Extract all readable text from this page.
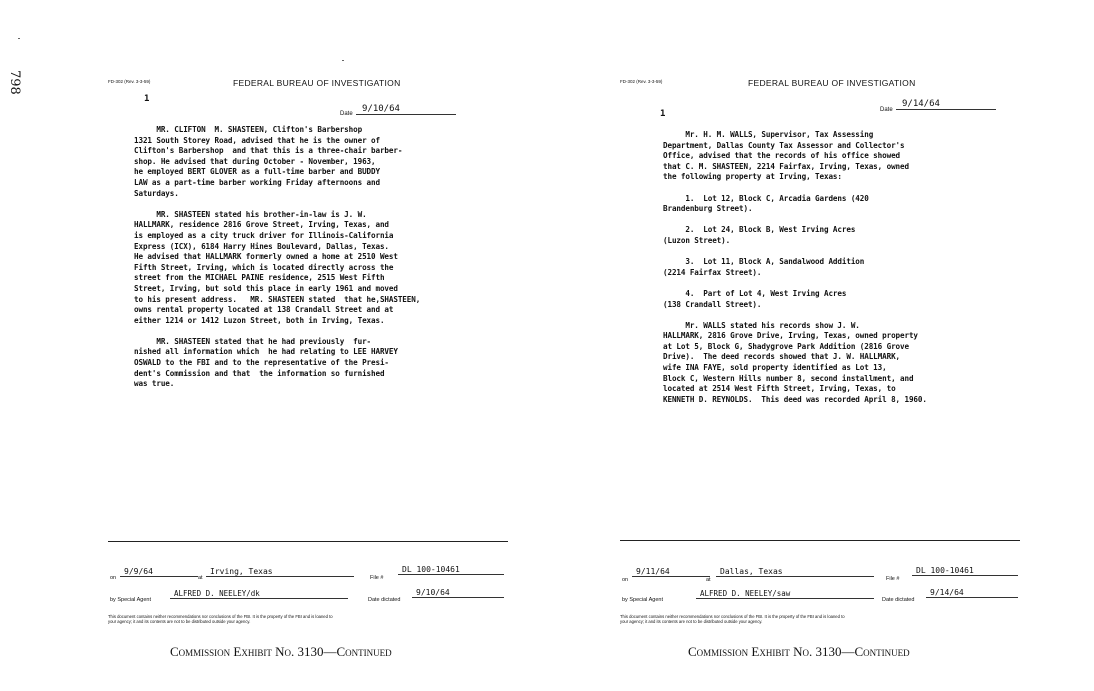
798	FD-302 (Rev. 3-3-59)	FEDERAL BUREAU OF INVESTIGATION
1
Date	9/10/64
MR. CLIFTON  M. SHASTEEN, Clifton's Barbershop
1321 South Storey Road, advised that he is the owner of
Clifton's Barbershop  and that this is a three-chair barber-
shop. He advised that during October - November, 1963,
he employed BERT GLOVER as a full-time barber and BUDDY
LAW as a part-time barber working Friday afternoons and
Saturdays.

MR. SHASTEEN stated his brother-in-law is J. W.
HALLMARK, residence 2816 Grove Street, Irving, Texas, and
is employed as a city truck driver for Illinois-California
Express (ICX), 6184 Harry Hines Boulevard, Dallas, Texas.
He advised that HALLMARK formerly owned a home at 2510 West
Fifth Street, Irving, which is located directly across the
street from the MICHAEL PAINE residence, 2515 West Fifth
Street, Irving, but sold this place in early 1961 and moved
to his present address.   MR. SHASTEEN stated  that he,SHASTEEN,
owns rental property located at 138 Crandall Street and at
either 1214 or 1412 Luzon Street, both in Irving, Texas.

MR. SHASTEEN stated that he had previously  fur-
nished all information which  he had relating to LEE HARVEY
OSWALD to the FBI and to the representative of the Presi-
dent's Commission and that  the information so furnished
was true.
on
9/9/64
at
Irving, Texas
File #
DL 100-10461
by Special Agent
ALFRED D. NEELEY/dk
Date dictated
9/10/64
This document contains neither recommendations nor conclusions of the FBI. It is the property of the FBI and is loaned to
your agency; it and its contents are not to be distributed outside your agency.
Commission Exhibit No. 3130—Continued
FD-302 (Rev. 3-3-59)	FEDERAL BUREAU OF INVESTIGATION
1	Date
9/14/64
Mr. H. M. WALLS, Supervisor, Tax Assessing
Department, Dallas County Tax Assessor and Collector's
Office, advised that the records of his office showed
that C. M. SHASTEEN, 2214 Fairfax, Irving, Texas, owned
the following property at Irving, Texas:

1.  Lot 12, Block C, Arcadia Gardens (420
Brandenburg Street).

2.  Lot 24, Block B, West Irving Acres
(Luzon Street).

3.  Lot 11, Block A, Sandalwood Addition
(2214 Fairfax Street).

4.  Part of Lot 4, West Irving Acres
(138 Crandall Street).

Mr. WALLS stated his records show J. W.
HALLMARK, 2816 Grove Drive, Irving, Texas, owned property
at Lot 5, Block G, Shadygrove Park Addition (2816 Grove
Drive).  The deed records showed that J. W. HALLMARK,
wife INA FAYE, sold property identified as Lot 13,
Block C, Western Hills number 8, second installment, and
located at 2514 West Fifth Street, Irving, Texas, to
KENNETH D. REYNOLDS.  This deed was recorded April 8, 1960.
on
9/11/64
at
Dallas, Texas
File #
DL 100-10461
by Special Agent
ALFRED D. NEELEY/saw
Date dictated
9/14/64
This document contains neither recommendations nor conclusions of the FBI. It is the property of the FBI and is loaned to
your agency; it and its contents are not to be distributed outside your agency.
Commission Exhibit No. 3130—Continued
